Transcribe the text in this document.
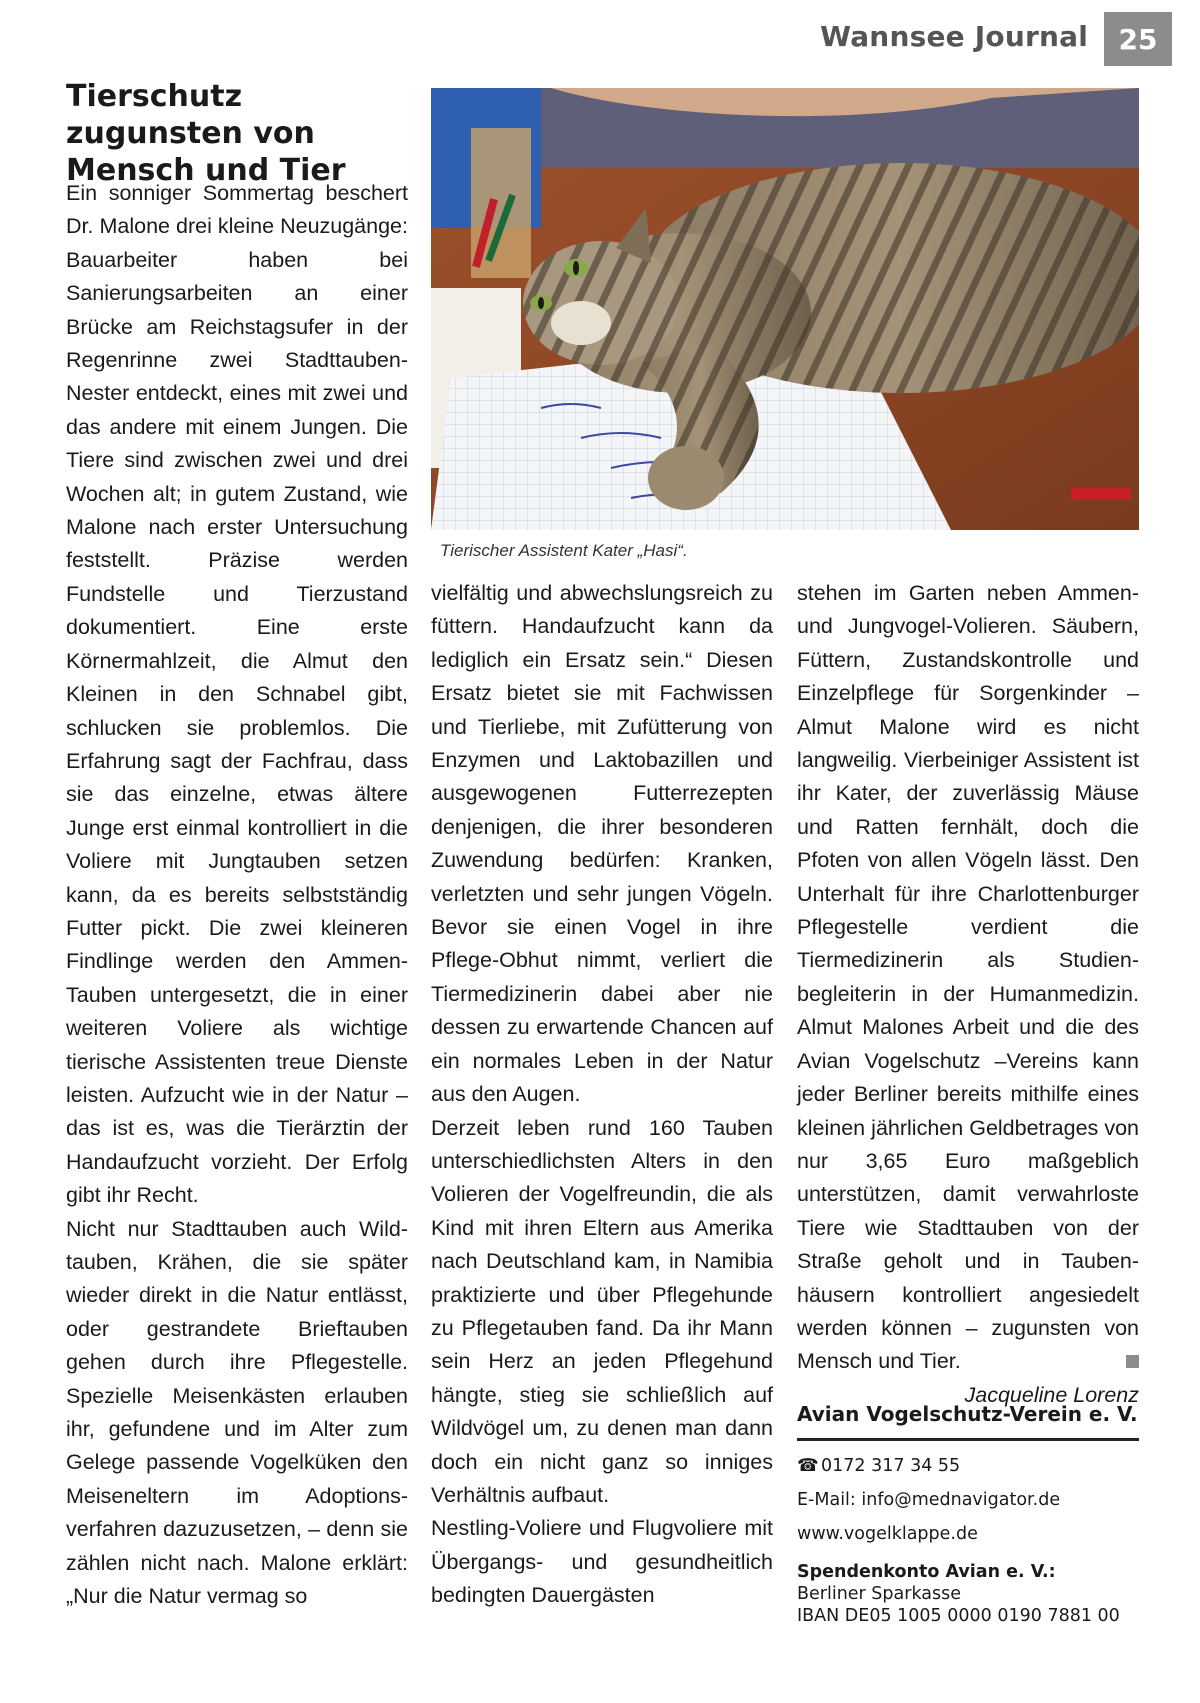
Wannsee Journal	25
Tierschutz zugunsten von Mensch und Tier

Ein sonniger Sommertag beschert Dr. Malone drei kleine Neuzugänge: Bauarbeiter haben bei Sanierungsarbeiten an einer Brücke am Reichstagsufer in der Regenrinne zwei Stadttauben-Nester entdeckt, eines mit zwei und das andere mit einem Jungen. Die Tiere sind zwischen zwei und drei Wochen alt; in gutem Zustand, wie Malone nach erster Untersuchung feststellt. Präzise werden Fundstelle und Tierzustand dokumentiert. Eine erste Körnermahlzeit, die Almut den Kleinen in den Schnabel gibt, schlucken sie problemlos. Die Erfahrung sagt der Fachfrau, dass sie das einzelne, etwas ältere Junge erst einmal kontrolliert in die Voliere mit Jungtauben setzen kann, da es bereits selbstständig Futter pickt. Die zwei kleineren Findlinge werden den Ammen-Tauben untergesetzt, die in einer weiteren Voliere als wichtige tierische Assistenten treue Dienste leisten. Aufzucht wie in der Natur – das ist es, was die Tierärztin der Handaufzucht vorzieht. Der Erfolg gibt ihr Recht.

Nicht nur Stadttauben auch Wildtauben, Krähen, die sie später wieder direkt in die Natur entlässt, oder gestrandete Brieftauben gehen durch ihre Pflegestelle. Spezielle Meisenkästen erlauben ihr, gefundene und im Alter zum Gelege passende Vogelküken den Meiseneltern im Adoptionsverfahren dazuzusetzen, – denn sie zählen nicht nach. Malone erklärt: „Nur die Natur vermag so

Tierischer Assistent Kater „Hasi“.

vielfältig und abwechslungsreich zu füttern. Handaufzucht kann da lediglich ein Ersatz sein.“ Diesen Ersatz bietet sie mit Fachwissen und Tierliebe, mit Zufütterung von Enzymen und Laktobazillen und ausgewogenen Futterrezepten denjenigen, die ihrer besonderen Zuwendung bedürfen: Kranken, verletzten und sehr jungen Vögeln. Bevor sie einen Vogel in ihre Pflege-Obhut nimmt, verliert die Tiermedizinerin dabei aber nie dessen zu erwartende Chancen auf ein normales Leben in der Natur aus den Augen.

Derzeit leben rund 160 Tauben unterschiedlichsten Alters in den Volieren der Vogelfreundin, die als Kind mit ihren Eltern aus Amerika nach Deutschland kam, in Namibia praktizierte und über Pflegehunde zu Pflegetauben fand. Da ihr Mann sein Herz an jeden Pflegehund hängte, stieg sie schließlich auf Wildvögel um, zu denen man dann doch ein nicht ganz so inniges Verhältnis aufbaut.

Nestling-Voliere und Flugvoliere mit Übergangs- und gesundheitlich bedingten Dauergästen

stehen im Garten neben Ammen- und Jungvogel-Volieren. Säubern, Füttern, Zustandskontrolle und Einzelpflege für Sorgenkinder – Almut Malone wird es nicht langweilig. Vierbeiniger Assistent ist ihr Kater, der zuverlässig Mäuse und Ratten fernhält, doch die Pfoten von allen Vögeln lässt. Den Unterhalt für ihre Charlottenburger Pflegestelle verdient die Tiermedizinerin als Studienbegleiterin in der Humanmedizin. Almut Malones Arbeit und die des Avian Vogelschutz –Vereins kann jeder Berliner bereits mithilfe eines kleinen jährlichen Geldbetrages von nur 3,65 Euro maßgeblich unterstützen, damit verwahrloste Tiere wie Stadttauben von der Straße geholt und in Taubenhäusern kontrolliert angesiedelt werden können – zugunsten von Mensch und Tier.

Jacqueline Lorenz

Avian Vogelschutz-Verein e. V.
☎ 0172 317 34 55
E-Mail: info@mednavigator.de
www.vogelklappe.de
Spendenkonto Avian e. V.:
Berliner Sparkasse
IBAN DE05 1005 0000 0190 7881 00
